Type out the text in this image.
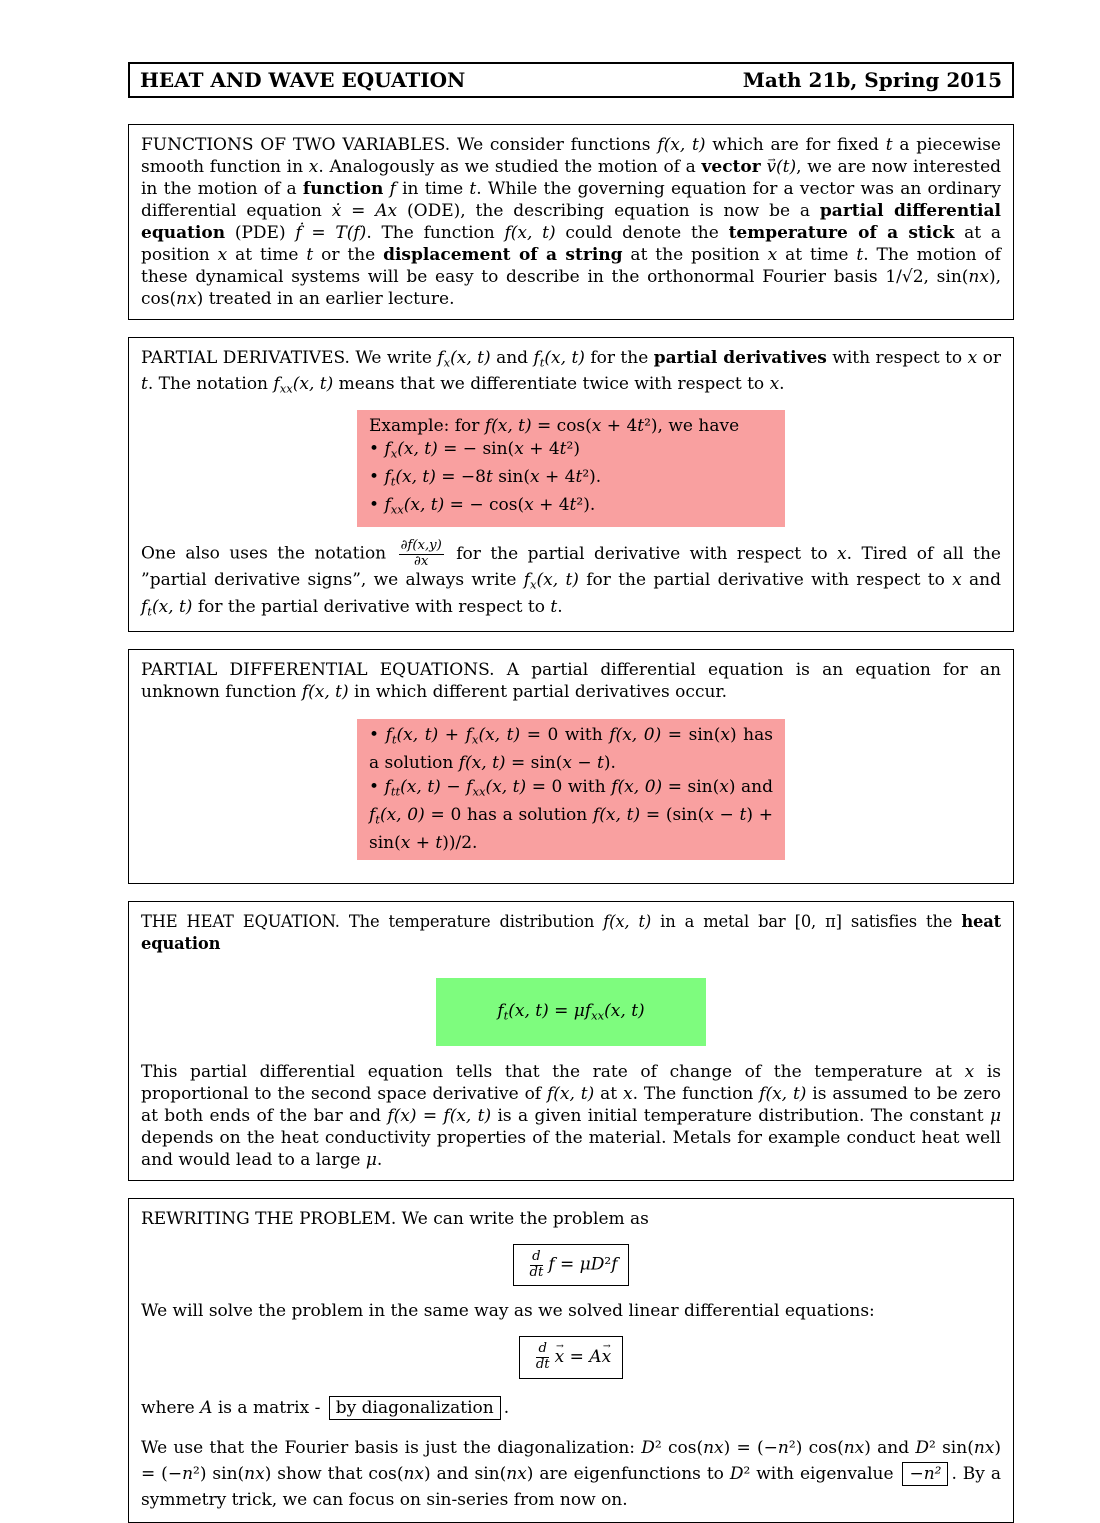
HEAT AND WAVE EQUATION	Math 21b, Spring 2015
FUNCTIONS OF TWO VARIABLES. We consider functions f(x, t) which are for fixed t a piecewise smooth function in x. Analogously as we studied the motion of a vector v →(t), we are now interested in the motion of a function f in time t. While the governing equation for a vector was an ordinary differential equation ẋ = Ax (ODE), the describing equation is now be a partial differential equation (PDE) ḟ = T(f). The function f(x, t) could denote the temperature of a stick at a position x at time t or the displacement of a string at the position x at time t. The motion of these dynamical systems will be easy to describe in the orthonormal Fourier basis 1/√2, sin(nx), cos(nx) treated in an earlier lecture.
PARTIAL DERIVATIVES. We write $f_x(x$, t) and $f_t(x$, t) for the partial derivatives with respect to x or t. The notation $f_{xx}(x$, t) means that we differentiate twice with respect to x.
Example: for f(x, t) = cos(x + 4t²), we have
• $f_x(x$, t) = − sin(x + 4t²)
• $f_t(x$, t) = −8t sin(x + 4t²).
• $f_{xx}(x$, t) = − cos(x + 4t²).
One also uses the notation $\frac{\partial f(x,y)}{\partial x}$ for the partial derivative with respect to x. Tired of all the ”partial derivative signs”, we always write $f_x(x$, t) for the partial derivative with respect to x and $f_t(x$, t) for the partial derivative with respect to t.
PARTIAL DIFFERENTIAL EQUATIONS. A partial differential equation is an equation for an unknown function f(x, t) in which different partial derivatives occur.
• $f_t(x$, $t) + f_x(x$, t) = 0 with f(x, 0) = sin(x) has a solution f(x, t) = sin(x − t).
• $f_{tt}(x$, $t) - f_{xx}(x$, t) = 0 with f(x, 0) = sin(x) and $f_t(x$, 0) = 0 has a solution f(x, t) = (sin(x − t) + sin(x + t))/2.
THE HEAT EQUATION. The temperature distribution f(x, t) in a metal bar [0, π] satisfies the heat equation
$f_t(x$, $t) = \mu f_{xx}(x$, t)
This partial differential equation tells that the rate of change of the temperature at x is proportional to the second space derivative of f(x, t) at x. The function f(x, t) is assumed to be zero at both ends of the bar and f(x) = f(x, t) is a given initial temperature distribution. The constant μ depends on the heat conductivity properties of the material. Metals for example conduct heat well and would lead to a large μ.
REWRITING THE PROBLEM. We can write the problem as
$\frac{d}{dt}$ f = μD²f
We will solve the problem in the same way as we solved linear differential equations:
$\frac{d}{dt}$ x → = Ax →
where A is a matrix - by diagonalization .
We use that the Fourier basis is just the diagonalization: D² cos(nx) = (−n²) cos(nx) and D² sin(nx) = (−n²) sin(nx) show that cos(nx) and sin(nx) are eigenfunctions to D² with eigenvalue −n² . By a symmetry trick, we can focus on sin-series from now on.
